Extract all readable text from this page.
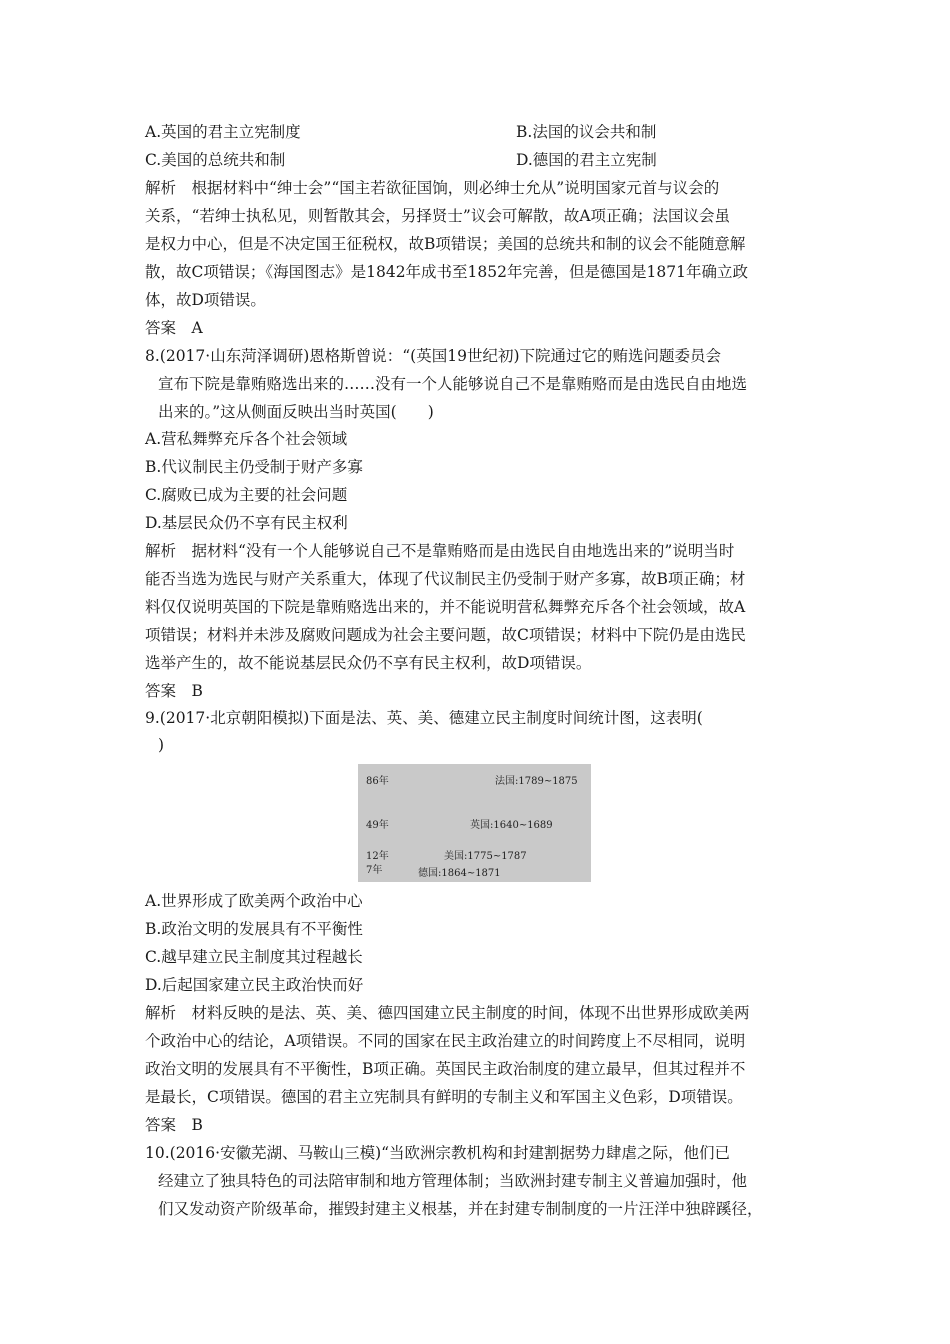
A.英国的君主立宪制度	B.法国的议会共和制
C.美国的总统共和制	D.德国的君主立宪制
解析　根据材料中“绅士会”“国主若欲征国饷，则必绅士允从”说明国家元首与议会的
关系，“若绅士执私见，则暂散其会，另择贤士”议会可解散，故A项正确；法国议会虽
是权力中心，但是不决定国王征税权，故B项错误；美国的总统共和制的议会不能随意解
散，故C项错误；《海国图志》是1842年成书至1852年完善，但是德国是1871年确立政
体，故D项错误。
答案　A
8.(2017·山东菏泽调研)恩格斯曾说：“(英国19世纪初)下院通过它的贿选问题委员会
宣布下院是靠贿赂选出来的……没有一个人能够说自己不是靠贿赂而是由选民自由地选
出来的。”这从侧面反映出当时英国(　　)
A.营私舞弊充斥各个社会领域
B.代议制民主仍受制于财产多寡
C.腐败已成为主要的社会问题
D.基层民众仍不享有民主权利
解析　据材料“没有一个人能够说自己不是靠贿赂而是由选民自由地选出来的”说明当时
能否当选为选民与财产关系重大，体现了代议制民主仍受制于财产多寡，故B项正确；材
料仅仅说明英国的下院是靠贿赂选出来的，并不能说明营私舞弊充斥各个社会领域，故A
项错误；材料并未涉及腐败问题成为社会主要问题，故C项错误；材料中下院仍是由选民
选举产生的，故不能说基层民众仍不享有民主权利，故D项错误。
答案　B
9.(2017·北京朝阳模拟)下面是法、英、美、德建立民主制度时间统计图，这表明(
)
86年	法国:1789~1875
49年	英国:1640~1689
12年	美国:1775~1787
7年	德国:1864~1871
A.世界形成了欧美两个政治中心
B.政治文明的发展具有不平衡性
C.越早建立民主制度其过程越长
D.后起国家建立民主政治快而好
解析　材料反映的是法、英、美、德四国建立民主制度的时间，体现不出世界形成欧美两
个政治中心的结论，A项错误。不同的国家在民主政治建立的时间跨度上不尽相同，说明
政治文明的发展具有不平衡性，B项正确。英国民主政治制度的建立最早，但其过程并不
是最长，C项错误。德国的君主立宪制具有鲜明的专制主义和军国主义色彩，D项错误。
答案　B
10.(2016·安徽芜湖、马鞍山三模)“当欧洲宗教机构和封建割据势力肆虐之际，他们已
经建立了独具特色的司法陪审制和地方管理体制；当欧洲封建专制主义普遍加强时，他
们又发动资产阶级革命，摧毁封建主义根基，并在封建专制制度的一片汪洋中独辟蹊径，
